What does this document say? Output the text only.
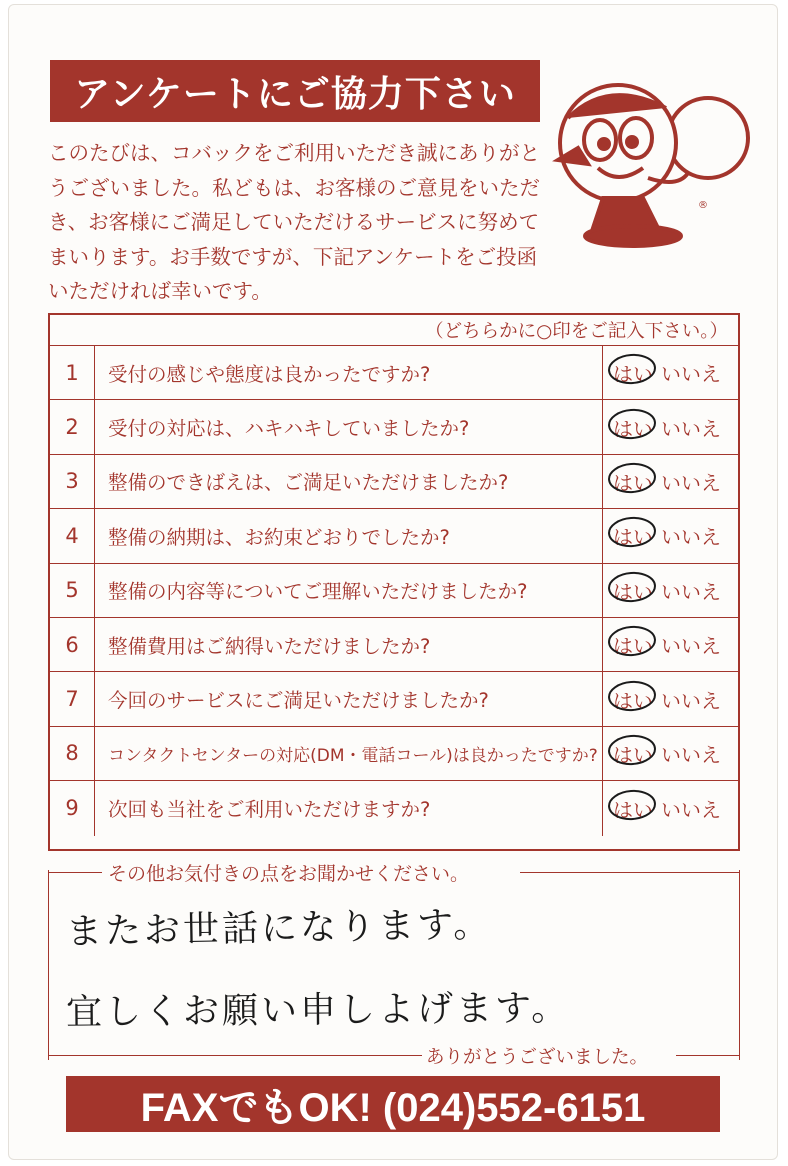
アンケートにご協力下さい

このたびは、コバックをご利用いただき誠にありがとうございました。私どもは、お客様のご意見をいただき、お客様にご満足していただけるサービスに努めてまいります。お手数ですが、下記アンケートをご投函いただければ幸いです。

®
（どちらかに○印をご記入下さい。）
1	受付の感じや態度は良かったですか?	はい いいえ
2	受付の対応は、ハキハキしていましたか?	はい いいえ
3	整備のできばえは、ご満足いただけましたか?	はい いいえ
4	整備の納期は、お約束どおりでしたか?	はい いいえ
5	整備の内容等についてご理解いただけましたか?	はい いいえ
6	整備費用はご納得いただけましたか?	はい いいえ
7	今回のサービスにご満足いただけましたか?	はい いいえ
8	コンタクトセンターの対応(DM・電話コール)は良かったですか? はい いいえ
9	次回も当社をご利用いただけますか?	はい いいえ
その他お気付きの点をお聞かせください。
またお世話になります。
宜しくお願い申しよげます。
ありがとうございました。
FAXでもOK! (024)552-6151
